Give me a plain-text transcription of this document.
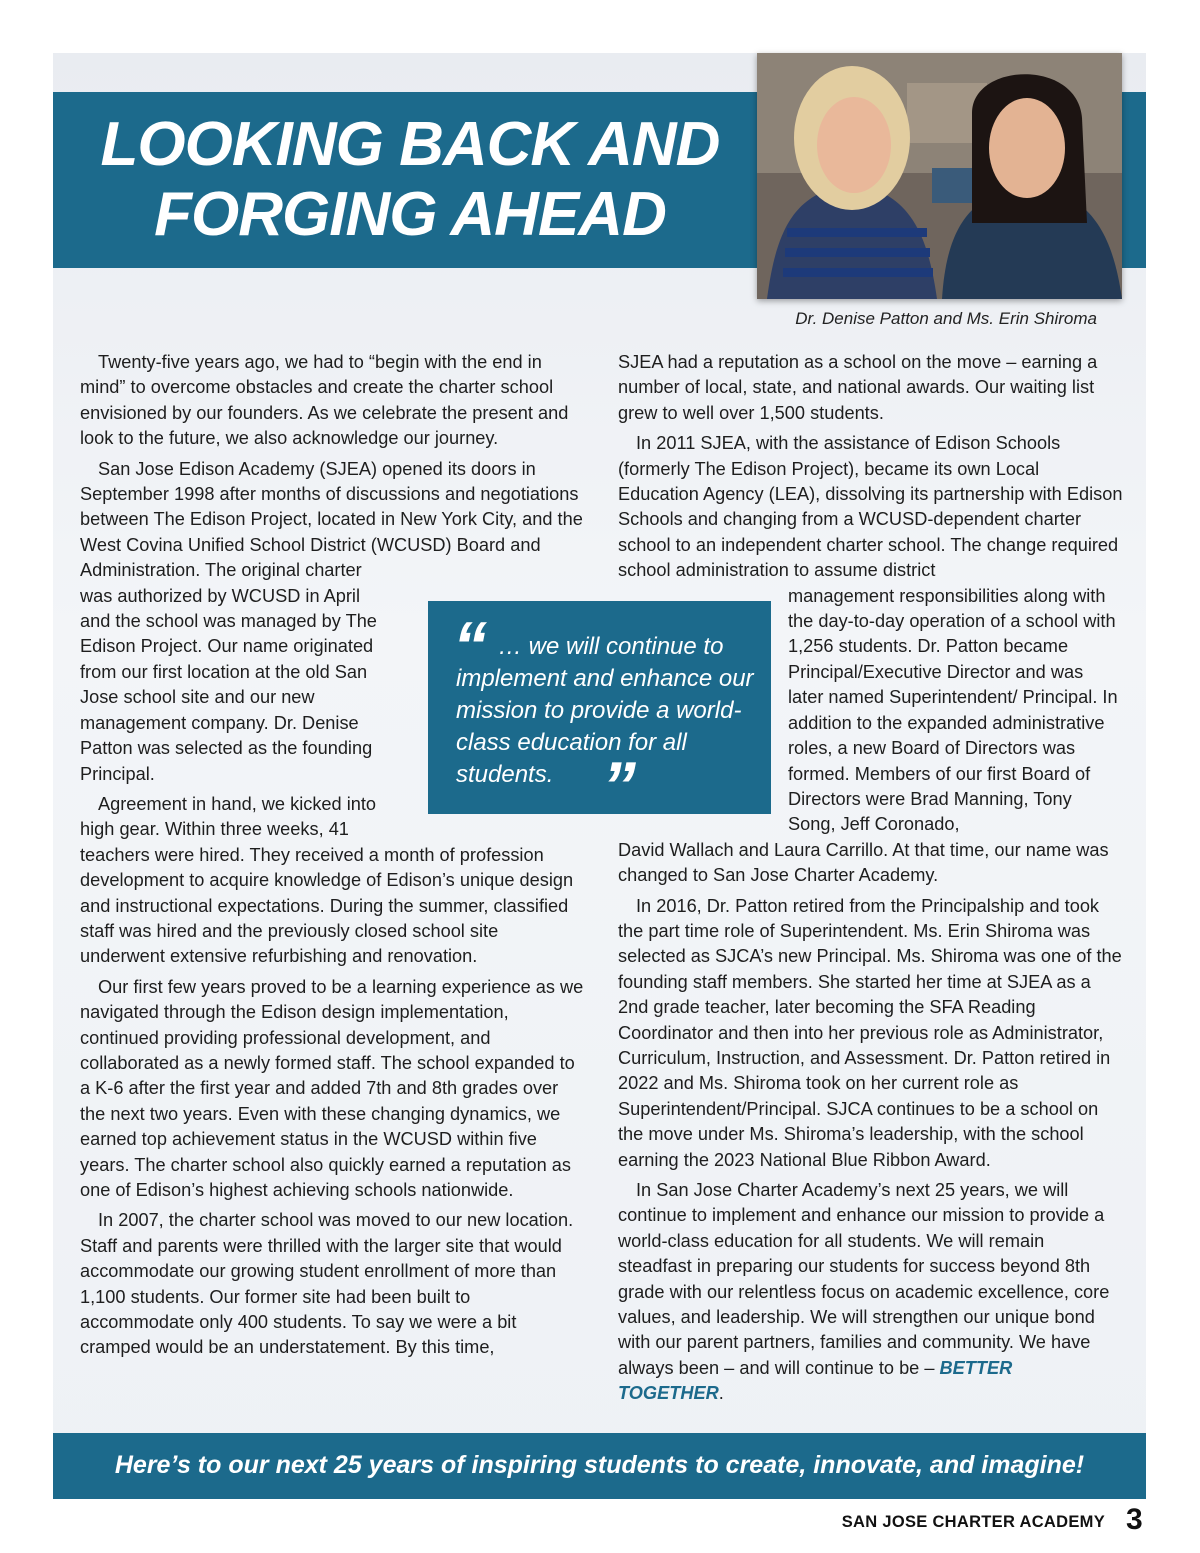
LOOKING BACK AND FORGING AHEAD
Dr. Denise Patton and Ms. Erin Shiroma

Twenty-five years ago, we had to “begin with the end in mind” to overcome obstacles and create the charter school envisioned by our founders. As we celebrate the present and look to the future, we also acknowledge our journey.

San Jose Edison Academy (SJEA) opened its doors in September 1998 after months of discussions and negotiations between The Edison Project, located in New York City, and the West Covina Unified School District (WCUSD) Board and Administration. The original charter

was authorized by WCUSD in April and the school was managed by The Edison Project. Our name originated from our first location at the old San Jose school site and our new management company. Dr. Denise Patton was selected as the founding Principal.

Agreement in hand, we kicked into high gear. Within three weeks, 41

teachers were hired. They received a month of profession development to acquire knowledge of Edison’s unique design and instructional expectations. During the summer, classified staff was hired and the previously closed school site underwent extensive refurbishing and renovation.

Our first few years proved to be a learning experience as we navigated through the Edison design implementation, continued providing professional development, and collaborated as a newly formed staff. The school expanded to a K-6 after the first year and added 7th and 8th grades over the next two years. Even with these changing dynamics, we earned top achievement status in the WCUSD within five years. The charter school also quickly earned a reputation as one of Edison’s highest achieving schools nationwide.

In 2007, the charter school was moved to our new location. Staff and parents were thrilled with the larger site that would accommodate our growing student enrollment of more than 1,100 students. Our former site had been built to accommodate only 400 students. To say we were a bit cramped would be an understatement. By this time,

SJEA had a reputation as a school on the move – earning a number of local, state, and national awards. Our waiting list grew to well over 1,500 students.

In 2011 SJEA, with the assistance of Edison Schools (formerly The Edison Project), became its own Local Education Agency (LEA), dissolving its partnership with Edison Schools and changing from a WCUSD-dependent charter school to an independent charter school. The change required school administration to assume district

management responsibilities along with the day-to-day operation of a school with 1,256 students. Dr. Patton became Principal/Executive Director and was later named Superintendent/ Principal. In addition to the expanded administrative roles, a new Board of Directors was formed. Members of our first Board of Directors were Brad Manning, Tony Song, Jeff Coronado,

David Wallach and Laura Carrillo. At that time, our name was changed to San Jose Charter Academy.

In 2016, Dr. Patton retired from the Principalship and took the part time role of Superintendent. Ms. Erin Shiroma was selected as SJCA’s new Principal. Ms. Shiroma was one of the founding staff members. She started her time at SJEA as a 2nd grade teacher, later becoming the SFA Reading Coordinator and then into her previous role as Administrator, Curriculum, Instruction, and Assessment. Dr. Patton retired in 2022 and Ms. Shiroma took on her current role as Superintendent/Principal. SJCA continues to be a school on the move under Ms. Shiroma’s leadership, with the school earning the 2023 National Blue Ribbon Award.

In San Jose Charter Academy’s next 25 years, we will continue to implement and enhance our mission to provide a world-class education for all students. We will remain steadfast in preparing our students for success beyond 8th grade with our relentless focus on academic excellence, core values, and leadership. We will strengthen our unique bond with our parent partners, families and community. We have always been – and will continue to be – BETTER TOGETHER.

“ … we will continue to implement and enhance our mission to provide a world-class education for all students. ”
Here’s to our next 25 years of inspiring students to create, innovate, and imagine!
SAN JOSE CHARTER ACADEMY 3
